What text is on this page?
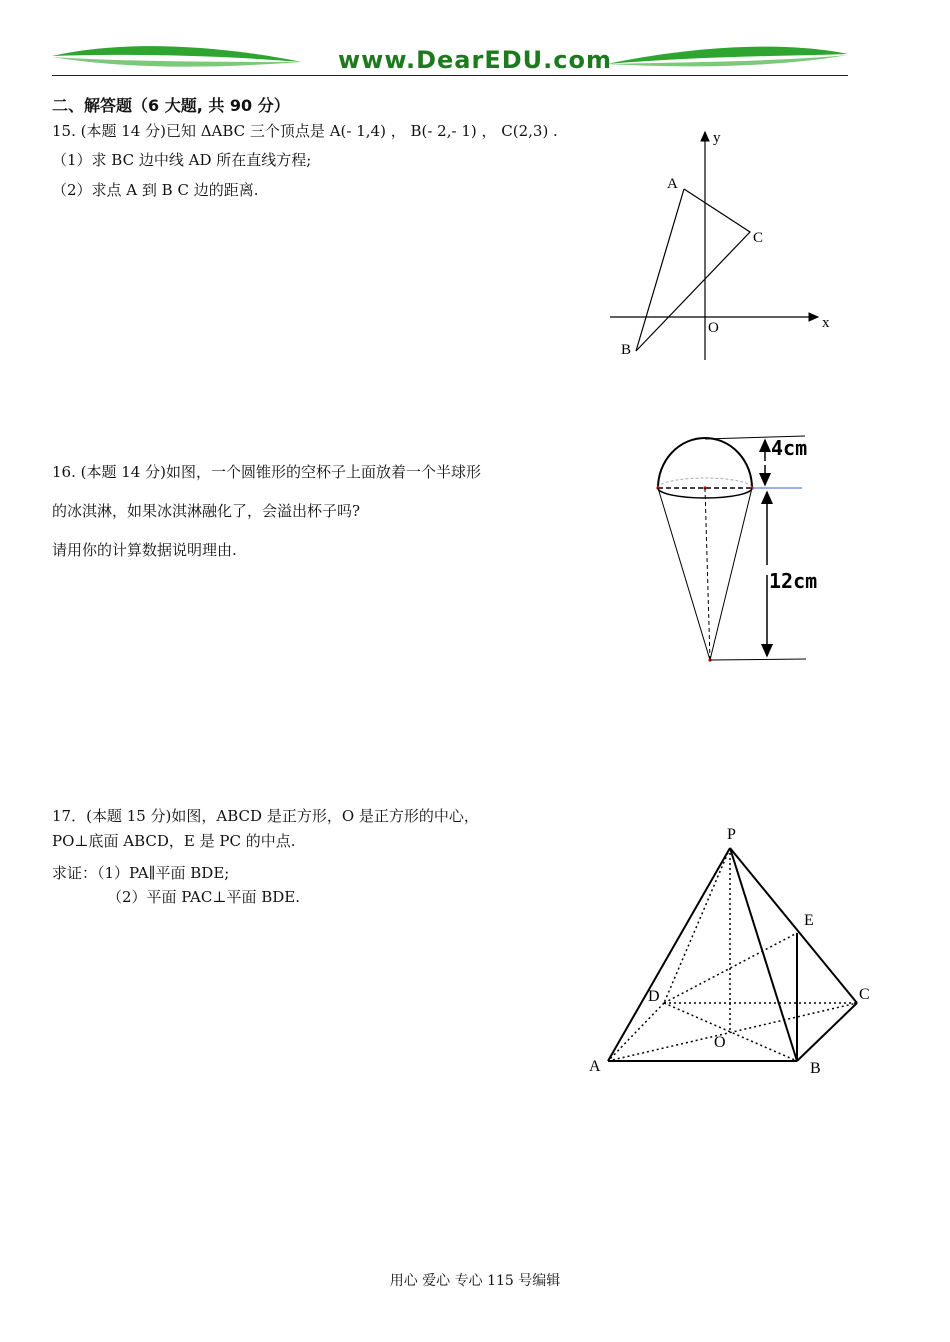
www.DearEDU.com
二、解答题（6 大题, 共 90 分）
15. (本题 14 分)已知 ΔABC 三个顶点是 A(- 1,4) ， B(- 2,- 1) ， C(2,3) .
（1）求 BC 边中线 AD 所在直线方程;
（2）求点 A 到 B C 边的距离.
y
x
O
A
B
C
16. (本题 14 分)如图，一个圆锥形的空杯子上面放着一个半球形
的冰淇淋，如果冰淇淋融化了，会溢出杯子吗?
请用你的计算数据说明理由.
4cm
12cm
17．(本题 15 分)如图，ABCD 是正方形，O 是正方形的中心，
PO⊥底面 ABCD，E 是 PC 的中点.
求证：（1）PA∥平面 BDE;
（2）平面 PAC⊥平面 BDE.
P
E
D	C
O
A	B
用心 爱心 专心 115 号编辑
